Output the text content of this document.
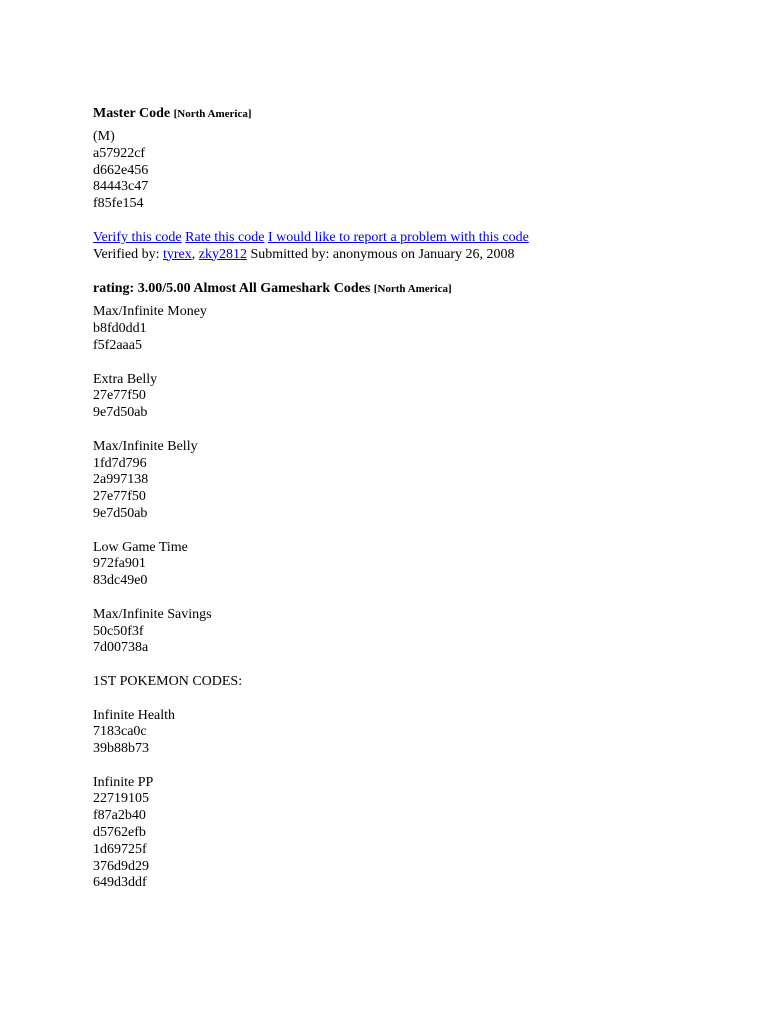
Master Code [North America]
(M)
a57922cf
d662e456
84443c47
f85fe154
Verify this code Rate this code I would like to report a problem with this code
Verified by: tyrex, zky2812 Submitted by: anonymous on January 26, 2008
rating: 3.00/5.00 Almost All Gameshark Codes [North America]
Max/Infinite Money
b8fd0dd1
f5f2aaa5
Extra Belly
27e77f50
9e7d50ab
Max/Infinite Belly
1fd7d796
2a997138
27e77f50
9e7d50ab
Low Game Time
972fa901
83dc49e0
Max/Infinite Savings
50c50f3f
7d00738a
1ST POKEMON CODES:
Infinite Health
7183ca0c
39b88b73
Infinite PP
22719105
f87a2b40
d5762efb
1d69725f
376d9d29
649d3ddf
